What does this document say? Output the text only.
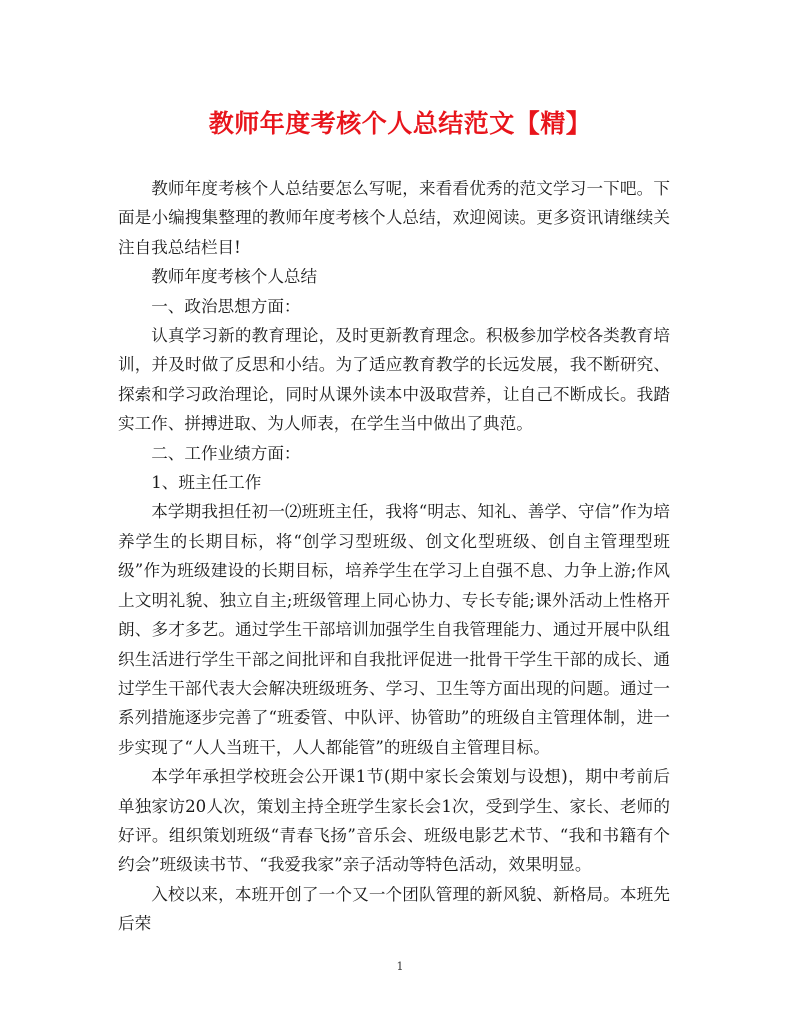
教师年度考核个人总结范文【精】

教师年度考核个人总结要怎么写呢，来看看优秀的范文学习一下吧。下面是小编搜集整理的教师年度考核个人总结，欢迎阅读。更多资讯请继续关注自我总结栏目!

教师年度考核个人总结

一、政治思想方面：

认真学习新的教育理论，及时更新教育理念。积极参加学校各类教育培训，并及时做了反思和小结。为了适应教育教学的长远发展，我不断研究、探索和学习政治理论，同时从课外读本中汲取营养，让自己不断成长。我踏实工作、拼搏进取、为人师表，在学生当中做出了典范。

二、工作业绩方面：

1、班主任工作

本学期我担任初一⑵班班主任，我将“明志、知礼、善学、守信”作为培养学生的长期目标，将“创学习型班级、创文化型班级、创自主管理型班级”作为班级建设的长期目标，培养学生在学习上自强不息、力争上游;作风上文明礼貌、独立自主;班级管理上同心协力、专长专能;课外活动上性格开朗、多才多艺。通过学生干部培训加强学生自我管理能力、通过开展中队组织生活进行学生干部之间批评和自我批评促进一批骨干学生干部的成长、通过学生干部代表大会解决班级班务、学习、卫生等方面出现的问题。通过一系列措施逐步完善了“班委管、中队评、协管助”的班级自主管理体制，进一步实现了“人人当班干，人人都能管”的班级自主管理目标。

本学年承担学校班会公开课1节(期中家长会策划与设想)，期中考前后单独家访20人次，策划主持全班学生家长会1次，受到学生、家长、老师的好评。组织策划班级“青春飞扬”音乐会、班级电影艺术节、“我和书籍有个约会”班级读书节、“我爱我家”亲子活动等特色活动，效果明显。

入校以来，本班开创了一个又一个团队管理的新风貌、新格局。本班先后荣

1
